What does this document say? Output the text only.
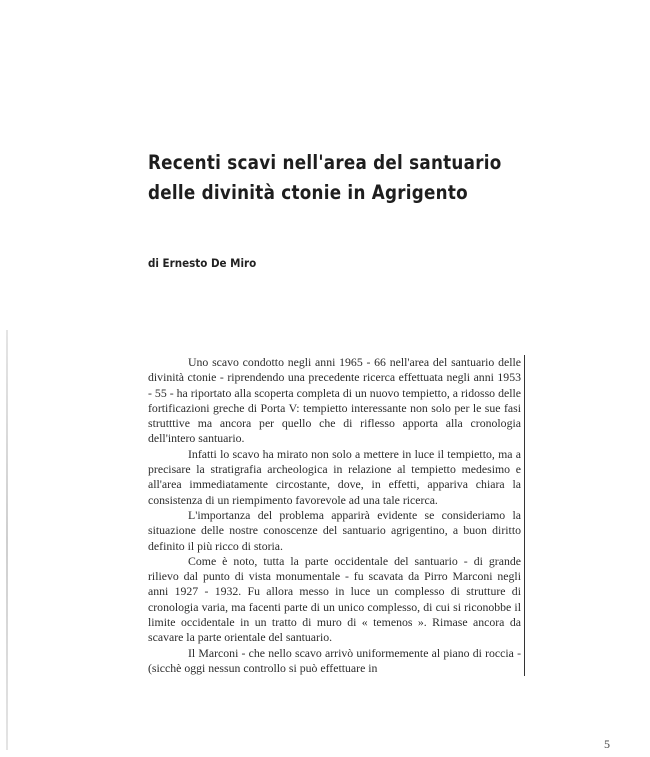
Recenti scavi nell'area del santuario
delle divinità ctonie in Agrigento
di Ernesto De Miro

Uno scavo condotto negli anni 1965 - 66 nell'area del santuario delle divinità ctonie - riprendendo una precedente ricerca effettuata negli anni 1953 - 55 - ha riportato alla scoperta completa di un nuovo tempietto, a ridosso delle fortificazioni greche di Porta V: tempietto interessante non solo per le sue fasi strutttive ma ancora per quello che di riflesso apporta alla cronologia dell'intero santuario.

Infatti lo scavo ha mirato non solo a mettere in luce il tempietto, ma a precisare la stratigrafia archeologica in relazione al tempietto medesimo e all'area immediatamente circostante, dove, in effetti, appariva chiara la consistenza di un riempimento favorevole ad una tale ricerca.

L'importanza del problema apparirà evidente se consideriamo la situazione delle nostre conoscenze del santuario agrigentino, a buon diritto definito il più ricco di storia.

Come è noto, tutta la parte occidentale del santuario - di grande rilievo dal punto di vista monumentale - fu scavata da Pirro Marconi negli anni 1927 - 1932. Fu allora messo in luce un complesso di strutture di cronologia varia, ma facenti parte di un unico complesso, di cui si riconobbe il limite occidentale in un tratto di muro di « temenos ». Rimase ancora da scavare la parte orientale del santuario.

Il Marconi - che nello scavo arrivò uniformemente al piano di roccia - (sicchè oggi nessun controllo si può effettuare in

5
